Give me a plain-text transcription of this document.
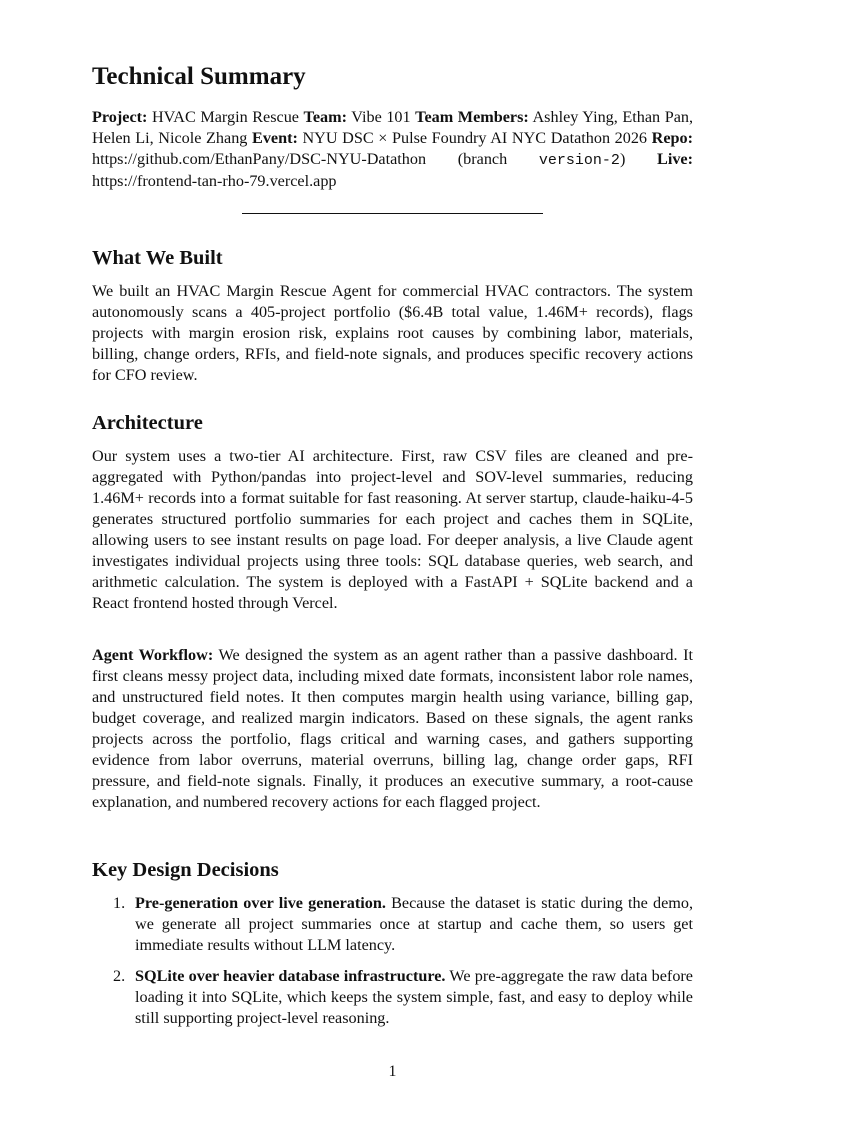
Technical Summary

Project: HVAC Margin Rescue Team: Vibe 101 Team Members: Ashley Ying, Ethan Pan, Helen Li, Nicole Zhang Event: NYU DSC × Pulse Foundry AI NYC Datathon 2026 Repo: https://github.com/EthanPany/DSC-NYU-Datathon (branch version-2) Live: https://frontend-tan-rho-79.vercel.app

What We Built

We built an HVAC Margin Rescue Agent for commercial HVAC contractors. The system autonomously scans a 405-project portfolio ($6.4B total value, 1.46M+ records), flags projects with margin erosion risk, explains root causes by combining labor, materials, billing, change orders, RFIs, and field-note signals, and produces specific recovery actions for CFO review.

Architecture

Our system uses a two-tier AI architecture. First, raw CSV files are cleaned and pre-aggregated with Python/pandas into project-level and SOV-level summaries, reducing 1.46M+ records into a format suitable for fast reasoning. At server startup, claude-haiku-4-5 generates structured portfolio summaries for each project and caches them in SQLite, allowing users to see instant results on page load. For deeper analysis, a live Claude agent investigates individual projects using three tools: SQL database queries, web search, and arithmetic calculation. The system is deployed with a FastAPI + SQLite backend and a React frontend hosted through Vercel.

Agent Workflow: We designed the system as an agent rather than a passive dashboard. It first cleans messy project data, including mixed date formats, inconsistent labor role names, and unstructured field notes. It then computes margin health using variance, billing gap, budget coverage, and realized margin indicators. Based on these signals, the agent ranks projects across the portfolio, flags critical and warning cases, and gathers supporting evidence from labor overruns, material overruns, billing lag, change order gaps, RFI pressure, and field-note signals. Finally, it produces an executive summary, a root-cause explanation, and numbered recovery actions for each flagged project.

Key Design Decisions
1. Pre-generation over live generation. Because the dataset is static during the demo, we generate all project summaries once at startup and cache them, so users get immediate results without LLM latency.
2. SQLite over heavier database infrastructure. We pre-aggregate the raw data before loading it into SQLite, which keeps the system simple, fast, and easy to deploy while still supporting project-level reasoning.
1
